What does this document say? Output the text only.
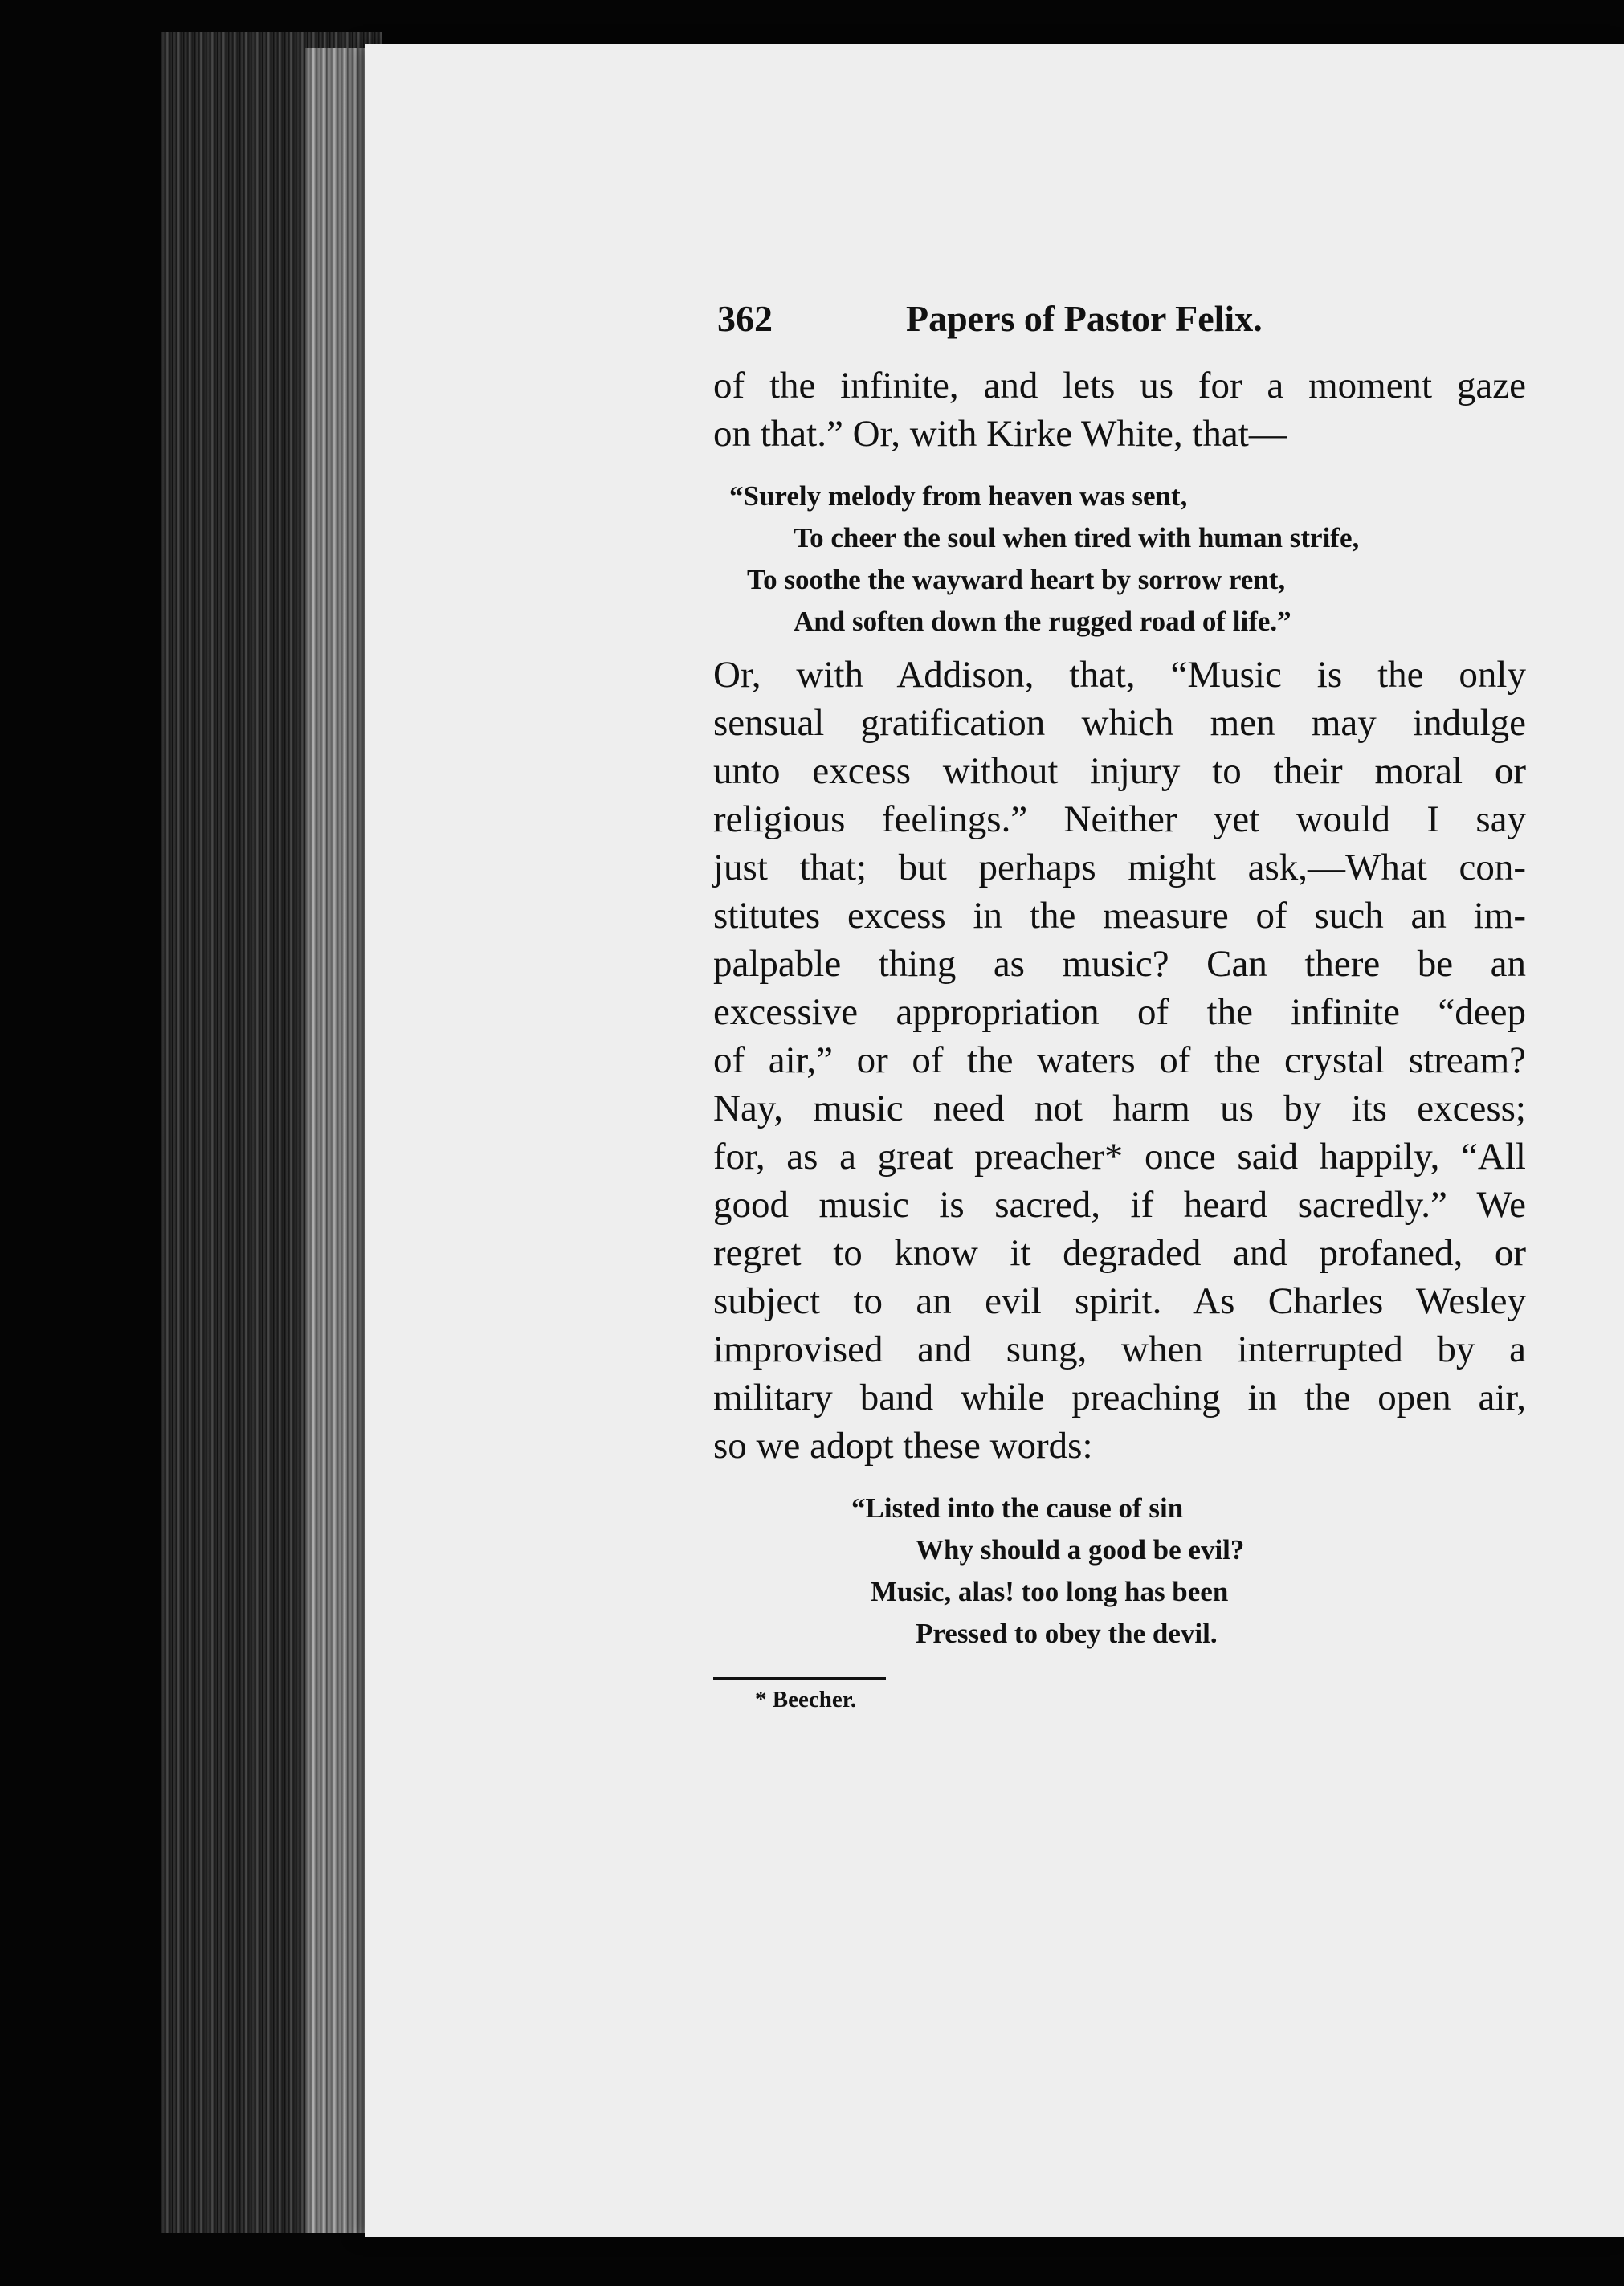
362	Papers of Pastor Felix.

of the infinite, and lets us for a moment gaze
on that.” Or, with Kirke White, that—

“Surely melody from heaven was sent,
To cheer the soul when tired with human strife,
To soothe the wayward heart by sorrow rent,
And soften down the rugged road of life.”

Or, with Addison, that, “Music is the only
sensual gratification which men may indulge
unto excess without injury to their moral or
religious feelings.” Neither yet would I say
just that; but perhaps might ask,—What con-
stitutes excess in the measure of such an im-
palpable thing as music? Can there be an
excessive appropriation of the infinite “deep
of air,” or of the waters of the crystal stream?
Nay, music need not harm us by its excess;
for, as a great preacher* once said happily, “All
good music is sacred, if heard sacredly.” We
regret to know it degraded and profaned, or
subject to an evil spirit. As Charles Wesley
improvised and sung, when interrupted by a
military band while preaching in the open air,
so we adopt these words:

“Listed into the cause of sin
Why should a good be evil?
Music, alas! too long has been
Pressed to obey the devil.
* Beecher.
